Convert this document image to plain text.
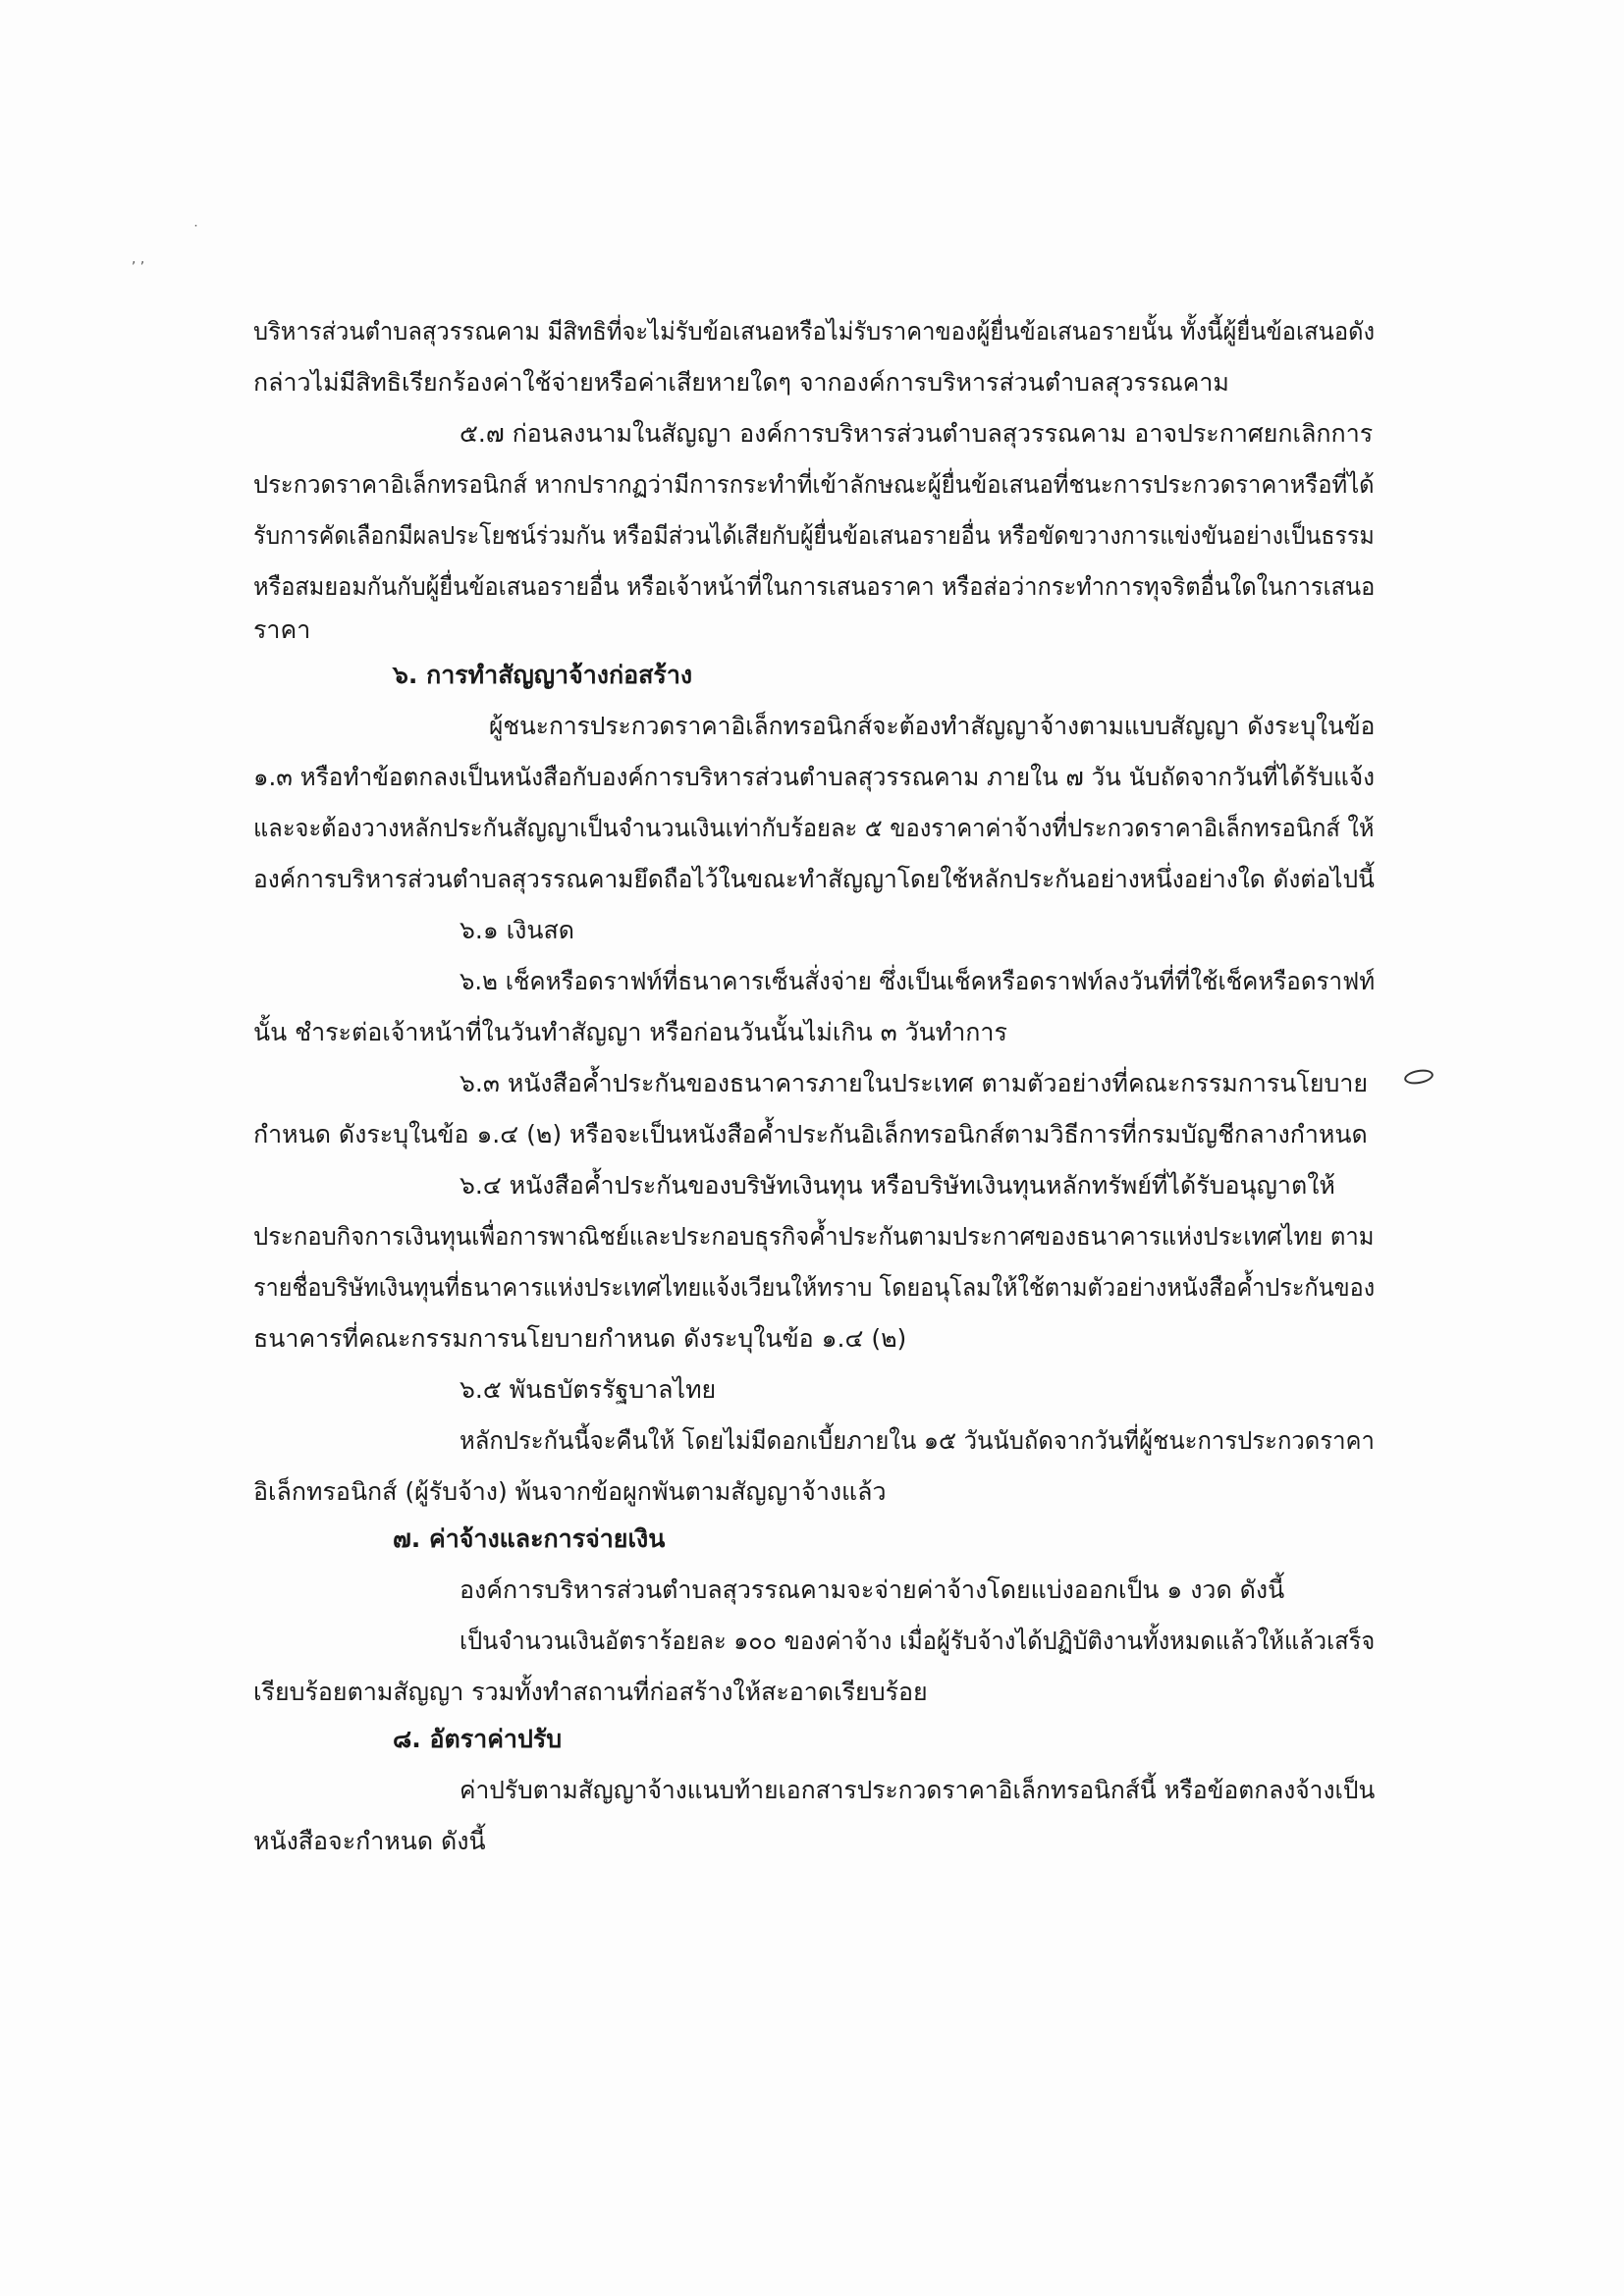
˙
, ,
บริหารส่วนตำบลสุวรรณคาม มีสิทธิที่จะไม่รับข้อเสนอหรือไม่รับราคาของผู้ยื่นข้อเสนอรายนั้น ทั้งนี้ผู้ยื่นข้อเสนอดัง
กล่าวไม่มีสิทธิเรียกร้องค่าใช้จ่ายหรือค่าเสียหายใดๆ จากองค์การบริหารส่วนตำบลสุวรรณคาม
๕.๗ ก่อนลงนามในสัญญา องค์การบริหารส่วนตำบลสุวรรณคาม อาจประกาศยกเลิกการ
ประกวดราคาอิเล็กทรอนิกส์ หากปรากฏว่ามีการกระทำที่เข้าลักษณะผู้ยื่นข้อเสนอที่ชนะการประกวดราคาหรือที่ได้
รับการคัดเลือกมีผลประโยชน์ร่วมกัน หรือมีส่วนได้เสียกับผู้ยื่นข้อเสนอรายอื่น หรือขัดขวางการแข่งขันอย่างเป็นธรรม
หรือสมยอมกันกับผู้ยื่นข้อเสนอรายอื่น หรือเจ้าหน้าที่ในการเสนอราคา หรือส่อว่ากระทำการทุจริตอื่นใดในการเสนอ
ราคา
๖. การทำสัญญาจ้างก่อสร้าง
ผู้ชนะการประกวดราคาอิเล็กทรอนิกส์จะต้องทำสัญญาจ้างตามแบบสัญญา ดังระบุในข้อ
๑.๓ หรือทำข้อตกลงเป็นหนังสือกับองค์การบริหารส่วนตำบลสุวรรณคาม ภายใน ๗ วัน นับถัดจากวันที่ได้รับแจ้ง
และจะต้องวางหลักประกันสัญญาเป็นจำนวนเงินเท่ากับร้อยละ ๕ ของราคาค่าจ้างที่ประกวดราคาอิเล็กทรอนิกส์ ให้
องค์การบริหารส่วนตำบลสุวรรณคามยึดถือไว้ในขณะทำสัญญาโดยใช้หลักประกันอย่างหนึ่งอย่างใด ดังต่อไปนี้
๖.๑ เงินสด
๖.๒ เช็คหรือดราฟท์ที่ธนาคารเซ็นสั่งจ่าย ซึ่งเป็นเช็คหรือดราฟท์ลงวันที่ที่ใช้เช็คหรือดราฟท์
นั้น ชำระต่อเจ้าหน้าที่ในวันทำสัญญา หรือก่อนวันนั้นไม่เกิน ๓ วันทำการ
๖.๓ หนังสือค้ำประกันของธนาคารภายในประเทศ ตามตัวอย่างที่คณะกรรมการนโยบาย
กำหนด ดังระบุในข้อ ๑.๔ (๒) หรือจะเป็นหนังสือค้ำประกันอิเล็กทรอนิกส์ตามวิธีการที่กรมบัญชีกลางกำหนด
๖.๔ หนังสือค้ำประกันของบริษัทเงินทุน หรือบริษัทเงินทุนหลักทรัพย์ที่ได้รับอนุญาตให้
ประกอบกิจการเงินทุนเพื่อการพาณิชย์และประกอบธุรกิจค้ำประกันตามประกาศของธนาคารแห่งประเทศไทย ตาม
รายชื่อบริษัทเงินทุนที่ธนาคารแห่งประเทศไทยแจ้งเวียนให้ทราบ โดยอนุโลมให้ใช้ตามตัวอย่างหนังสือค้ำประกันของ
ธนาคารที่คณะกรรมการนโยบายกำหนด ดังระบุในข้อ ๑.๔ (๒)
๖.๕ พันธบัตรรัฐบาลไทย
หลักประกันนี้จะคืนให้ โดยไม่มีดอกเบี้ยภายใน ๑๕ วันนับถัดจากวันที่ผู้ชนะการประกวดราคา
อิเล็กทรอนิกส์ (ผู้รับจ้าง) พ้นจากข้อผูกพันตามสัญญาจ้างแล้ว
๗. ค่าจ้างและการจ่ายเงิน
องค์การบริหารส่วนตำบลสุวรรณคามจะจ่ายค่าจ้างโดยแบ่งออกเป็น ๑ งวด ดังนี้
เป็นจำนวนเงินอัตราร้อยละ ๑๐๐ ของค่าจ้าง เมื่อผู้รับจ้างได้ปฏิบัติงานทั้งหมดแล้วให้แล้วเสร็จ
เรียบร้อยตามสัญญา รวมทั้งทำสถานที่ก่อสร้างให้สะอาดเรียบร้อย
๘. อัตราค่าปรับ
ค่าปรับตามสัญญาจ้างแนบท้ายเอกสารประกวดราคาอิเล็กทรอนิกส์นี้ หรือข้อตกลงจ้างเป็น
หนังสือจะกำหนด ดังนี้
